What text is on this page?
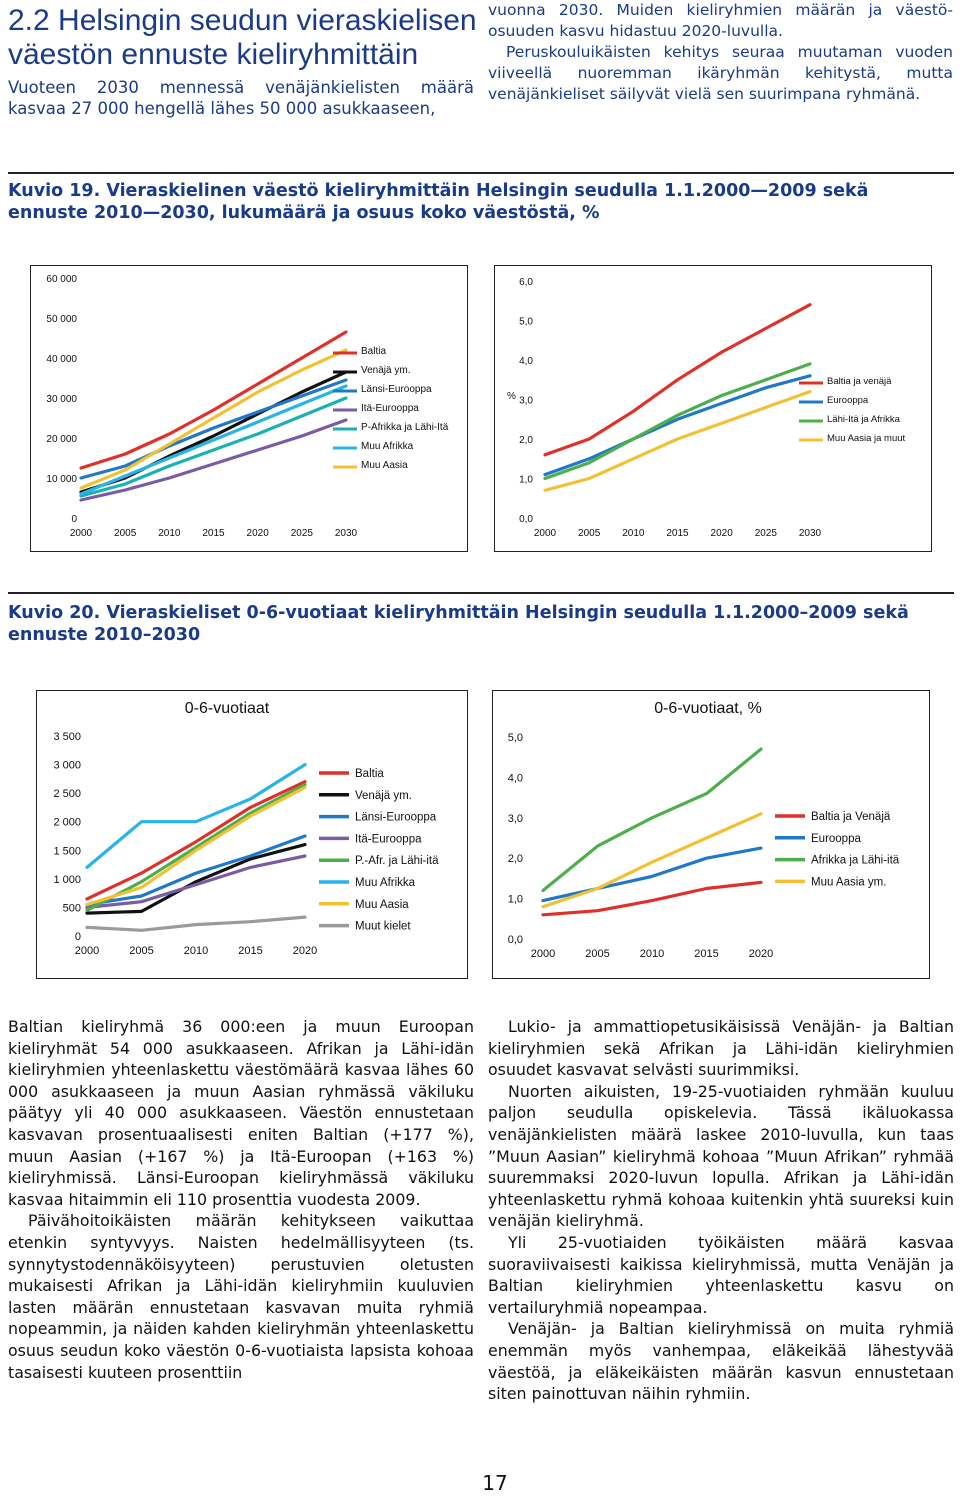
2.2 Helsingin seudun vieraskielisen väestön ennuste kieliryhmittäin
Vuoteen 2030 mennessä venäjänkielisten määrä kasvaa 27 000 hengellä lähes 50 000 asukkaaseen,

vuonna 2030. Muiden kieliryhmien määrän ja väestöosuuden kasvu hidastuu 2020-luvulla.

Peruskouluikäisten kehitys seuraa muutaman vuoden viiveellä nuoremman ikäryhmän kehitystä, mutta venäjänkieliset säilyvät vielä sen suurimpana ryhmänä.

Kuvio 19. Vieraskielinen väestö kieliryhmittäin Helsingin seudulla 1.1.2000—2009 sekä ennuste 2010—2030, lukumäärä ja osuus koko väestöstä, %

0
10 000
20 000
30 000
40 000
50 000
60 000
2000 2005 2010 2015 2020 2025 2030
Baltia
Venäjä ym.
Länsi-Eurooppa
Itä-Eurooppa
P-Afrikka ja Lähi-Itä
Muu Afrikka
Muu Aasia
0,0
1,0
2,0
3,0
4,0
5,0
6,0
2000 2005 2010 2015 2020 2025 2030
%
Baltia ja venäjä
Eurooppa
Lähi-Itä ja Afrikka
Muu Aasia ja muut

Kuvio 20. Vieraskieliset 0-6-vuotiaat kieliryhmittäin Helsingin seudulla 1.1.2000–2009 sekä ennuste 2010–2030

0
500
1 000
1 500
2 000
2 500
3 000
3 500
2000	2005	2010	2015	2020
0-6-vuotiaat
Baltia
Venäjä ym.
Länsi-Eurooppa
Itä-Eurooppa
P.-Afr. ja Lähi-itä
Muu Afrikka
Muu Aasia
Muut kielet
0,0
1,0
2,0
3,0
4,0
5,0
2000	2005	2010	2015	2020
0-6-vuotiaat, %
Baltia ja Venäjä
Eurooppa
Afrikka ja Lähi-itä
Muu Aasia ym.

Baltian kieliryhmä 36 000:een ja muun Euroopan kieliryhmät 54 000 asukkaaseen. Afrikan ja Lähi-idän kieliryhmien yhteenlaskettu väestömäärä kasvaa lähes 60 000 asukkaaseen ja muun Aasian ryhmässä väkiluku päätyy yli 40 000 asukkaaseen. Väestön ennustetaan kasvavan prosentuaalisesti eniten Baltian (+177 %), muun Aasian (+167 %) ja Itä-Euroopan (+163 %) kieliryhmissä. Länsi-Euroopan kieliryhmässä väkiluku kasvaa hitaimmin eli 110 prosenttia vuodesta 2009.

Päivähoitoikäisten määrän kehitykseen vaikuttaa etenkin syntyvyys. Naisten hedelmällisyyteen (ts. synnytystodennäköisyyteen) perustuvien oletusten mukaisesti Afrikan ja Lähi-idän kieliryhmiin kuuluvien lasten määrän ennustetaan kasvavan muita ryhmiä nopeammin, ja näiden kahden kieliryhmän yhteenlaskettu osuus seudun koko väestön 0-6-vuotiaista lapsista kohoaa tasaisesti kuuteen prosenttiin

Lukio- ja ammattiopetusikäisissä Venäjän- ja Baltian kieliryhmien sekä Afrikan ja Lähi-idän kieliryhmien osuudet kasvavat selvästi suurimmiksi.

Nuorten aikuisten, 19-25-vuotiaiden ryhmään kuuluu paljon seudulla opiskelevia. Tässä ikäluokassa venäjänkielisten määrä laskee 2010-luvulla, kun taas ”Muun Aasian” kieliryhmä kohoaa ”Muun Afrikan” ryhmää suuremmaksi 2020-luvun lopulla. Afrikan ja Lähi-idän yhteenlaskettu ryhmä kohoaa kuitenkin yhtä suureksi kuin venäjän kieliryhmä.

Yli 25-vuotiaiden työikäisten määrä kasvaa suoraviivaisesti kaikissa kieliryhmissä, mutta Venäjän ja Baltian kieliryhmien yhteenlaskettu kasvu on vertailuryhmiä nopeampaa.

Venäjän- ja Baltian kieliryhmissä on muita ryhmiä enemmän myös vanhempaa, eläkeikää lähestyvää väestöä, ja eläkeikäisten määrän kasvun ennustetaan siten painottuvan näihin ryhmiin.

17
